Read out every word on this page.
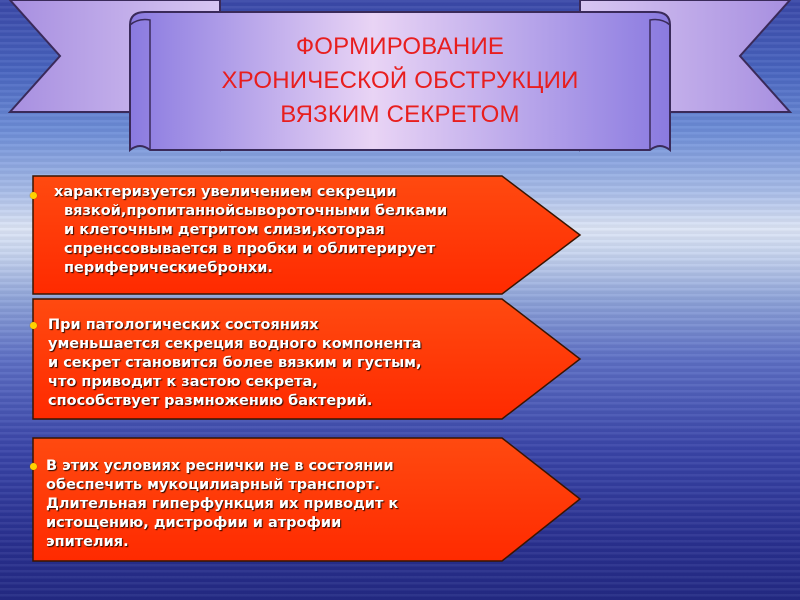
ФОРМИРОВАНИЕ
ХРОНИЧЕСКОЙ ОБСТРУКЦИИ
ВЯЗКИМ СЕКРЕТОМ
характеризуется увеличением секреции
вязкой,пропитаннойсывороточными белками
и клеточным детритом слизи,которая
спренссовывается в пробки и облитерирует
периферическиебронхи.
При патологических состояниях
уменьшается секреция водного компонента
и секрет становится более вязким и густым,
что приводит к застою секрета,
способствует размножению бактерий.
В этих условиях реснички не в состоянии
обеспечить мукоцилиарный транспорт.
Длительная гиперфункция их приводит к
истощению, дистрофии и атрофии
эпителия.
